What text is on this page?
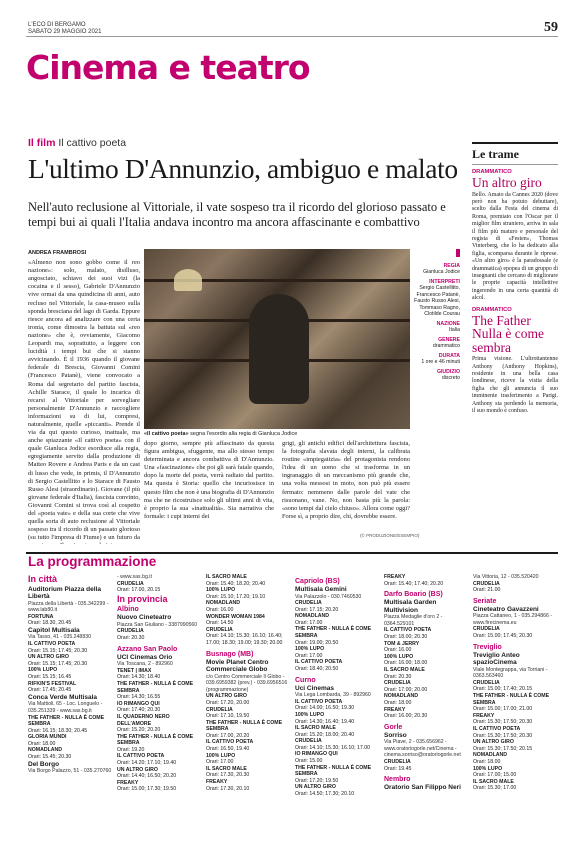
L'ECO DI BERGAMO
SABATO 29 MAGGIO 2021	59
Cinema e teatro
Il film Il cattivo poeta
L'ultimo D'Annunzio, ambiguo e malato
Nell'auto reclusione al Vittoriale, il vate sospeso tra il ricordo del glorioso passato e tempi bui ai quali l'Italia andava incontro ma ancora affascinante e combattivo
ANDREA FRAMBROSI
«Almeno non sono gobbo come il reo nazione»: solo, malato, disilluso, angosciato, schiavo dei suoi vizi (la cocaina e il sesso), Gabriele D'Annunzio vive ormai da una quindicina di anni, auto recluso nel Vittoriale, la casa-museo sulla sponda bresciana del lago di Garda. Eppure riesce ancora ad analizzare con una certa ironia, come dimostra la battuta sul «reo nazione» che è, ovviamente, Giacomo Leopardi ma, soprattutto, a leggere con lucidità i tempi bui che si stanno avvicinando. È il 1936 quando il giovane federale di Brescia, Giovanni Comini (Francesco Patanè), viene convocato a Roma dal segretario del partito fascista, Achille Starace, il quale lo incarica di recarsi al Vittoriale per sorvegliare personalmente D'Annunzio e raccogliere informazioni su di lui, compresi, naturalmente, quelle «piccanti». Prende il via da qui questo curioso, inattuale, ma anche spiazzante «Il cattivo poeta» con il quale Gianluca Jodice esordisce alla regia, egregiamente servito dalla produzione di Matteo Rovere e Andrea Paris e da un cast di lusso che vede, in primis, il D'Annunzio di Sergio Castellitto e lo Starace di Fausto Russo Alesi (straordinario). Giovane (il più giovane federale d'Italia), fascista convinto, Giovanni Comini si trova così al cospetto del «poeta vate» e della sua corte che vive quella sorta di auto reclusione al Vittoriale sospeso tra il ricordo di un passato glorioso (su tutto l'impresa di Fiume) e un futuro da
«Il cattivo poeta» segna l'esordio alla regia di Gianluca Jodice
REGIA
Gianluca Jodice
INTERPRETI
Sergio Castellitto, Francesco Patanè, Fausto Russo Alesi, Tommaso Ragno, Clotilde Courau
NAZIONE
Italia
GENERE
drammatico
DURATA
1 ore e 46 minuti
GIUDIZIO
discreto
dopo giorno, sempre più affascinato da questa figura ambigua, sfuggente, ma allo stesso tempo determinata e ancora combattiva di D'Annunzio. Una «fascinazione» che poi gli sarà fatale quando, dopo la morte del poeta, verrà radiato dal partito. Ma questa è Storia: quello che incuriosisce in questo film che non è una biografia di D'Annunzio ma che ne ricostruisce solo gli ultimi anni di vita, è proprio la sua «inattualità». Sia narrativa che formale: i cupi interni dei
grigi, gli antichi edifici dell'architettura fascista, la fotografia slavata degli interni, la calibrata routine «impiegatizia» del protagonista rendono l'idea di un uomo che si trasforma in un ingranaggio di un meccanismo più grande che, una volta messosi in moto, non può più essere fermato: nemmeno dalle parole del vate che risuonano, vane. No, non basta più la parola: «sono tempi dal cielo chiuso». Allora come oggi? Forse sì, a proprio dire, chi, dovrebbe essere.
(© PRODUZIONE/ESEMPIO)
Le trame
DRAMMATICO
Un altro giro
Bello. Amato da Cannes 2020 (dove però non ha potuto debuttare), scelto dalla Festa del cinema di Roma, premiato con l'Oscar per il miglior film straniero, arriva in sala il film più maturo e personale del regista di «Festen», Thomas Vinterberg, che lo ha dedicato alla figlia, scomparsa durante le riprese. «Un altro giro» è la paradossale (e drammatica) epopea di un gruppo di insegnanti che cercano di migliorare le proprie capacità intellettive ingerendo in una certa quantità di alcol.
DRAMMATICO
The Father Nulla è come sembra
Prima visione. L'ultrottantenne Anthony (Anthony Hopkins), residente in una bella casa londinese, riceve la visita della figlia che gli annuncia il suo imminente trasferimento a Parigi. Anthony sta perdendo la memoria, il suo mondo è confuso.
La programmazione
In città
Auditorium Piazza della Libertà
Piazza della Libertà - 035.342299 - www.lab80.it
FORTUNA
Orari: 18.30, 20.45
Capitol Multisala
Via Tasso, 41 - 035.248830
IL CATTIVO POETA
Orari: 15.15; 17.45; 20.30
UN ALTRO GIRO
Orari: 15.15; 17.45; 20.30
100% LUPO
Orari: 15.15; 16.45
RIFKIN'S FESTIVAL
Orari: 17.45; 20.45
Conca Verde Multisala
Via Mattioli, 65 - Loc. Longuelo - 035.251339 - www.sas.bg.it
THE FATHER - NULLA È COME SEMBRA
Orari: 16.15; 18.30; 20.45
GLORIA MUNDI
Orari: 18.00
NOMADLAND
Orari: 15.45; 20.30
Del Borgo
Via Borgo Palazzo, 51 - 035.270760
- www.sas.bg.it
CRUDELIA
Orari: 17.00, 20.15
In provincia
Albino
Nuovo Cineteatro
Piazza San Giuliano - 3387990560
CRUDELIA
Orari: 20.30
Azzano San Paolo
UCI Cinemas Orio
Via Toscana, 2 - 892960
TENET | IMAX
Orari: 14.30; 18.40
THE FATHER - NULLA È COME SEMBRA
Orari: 14.30; 16.55
IO RIMANGO QUI
Orari: 17.40; 20.30
IL QUADERNO NERO DELL'AMORE
Orari: 15.20; 20.20
THE FATHER - NULLA È COME SEMBRA
Orari: 19.20
IL CATTIVO POETA
Orari: 14.20; 17.10; 19.40
UN ALTRO GIRO
Orari: 14.40; 16.50; 20.20
FREAKY
Orari: 15.00; 17.30; 19.50
IL SACRO MALE
Orari: 15.40; 18.20; 20.40
100% LUPO
Orari: 15.10; 17.20; 19.10
NOMADLAND
Orari: 16.00
WONDER WOMAN 1984
Orari: 14.50
CRUDELIA
Orari: 14.10; 15.30; 16.10; 16.40; 17.00; 18.30; 19.00; 19.30; 20.00
Busnago (MB)
Movie Planet Centro Commerciale Globo
c/o Centro Commerciale Il Globo - 039.6959382 (prev.) - 039.6956516 (programmazione)
UN ALTRO GIRO
Orari: 17.20, 20.00
CRUDELIA
Orari: 17.10, 19.50
THE FATHER - NULLA È COME SEMBRA
Orari: 17.00, 20.20
IL CATTIVO POETA
Orari: 16.50, 19.40
100% LUPO
Orari: 17.00
IL SACRO MALE
Orari: 17.30, 20.30
FREAKY
Orari: 17.30, 20.10
Capriolo (BS)
Multisala Gemini
Via Palazzolo - 030.7460530
CRUDELIA
Orari: 17.15; 20.20
NOMADLAND
Orari: 17.00
THE FATHER - NULLA È COME SEMBRA
Orari: 19.00; 20.50
100% LUPO
Orari: 17.00
IL CATTIVO POETA
Orari: 18.40; 20.50
Curno
Uci Cinemas
Via Lega Lombarda, 39 - 892960
IL CATTIVO POETA
Orari: 14.00; 16.50; 19.30
100% LUPO
Orari: 14.30; 16.40; 19.40
IL SACRO MALE
Orari: 15.20; 18.00; 20.40
CRUDELIA
Orari: 14.10; 15.30; 16.10; 17.00
IO RIMANGO QUI
Orari: 15.00
THE FATHER - NULLA È COME SEMBRA
Orari: 17.20; 19.50
UN ALTRO GIRO
Orari: 14.50; 17.30; 20.10
FREAKY
Orari: 15.40; 17.40; 20.20
Darfo Boario (BS)
Multisala Garden Multivision
Piazza Medaglie d'oro 2 - 0364.529101
IL CATTIVO POETA
Orari: 18.00; 20.30
TOM & JERRY
Orari: 16.00
100% LUPO
Orari: 16.00; 18.00
IL SACRO MALE
Orari: 20.30
CRUDELIA
Orari: 17.00; 20.00
NOMADLAND
Orari: 18.00
FREAKY
Orari: 16.00; 20.30
Gorle
Sorriso
Via Piave, 2 - 035.656962 - www.oratoriogorle.net/Cinema - cinema.sorriso@oratoriogorle.net
CRUDELIA
Orari: 19.45
Nembro
Oratorio San Filippo Neri
Via Vittoria, 12 - 035.520420
CRUDELIA
Orari: 21.00
Seriate
Cineteatro Gavazzeni
Piazza Cattaneo, 1 - 035.294866 - www.firecinema.eu
CRUDELIA
Orari: 15.00; 17.45; 20.30
Treviglio
Treviglio Anteo spazioCinema
Viale Montegrappa, via Torriani - 0363.563460
CRUDELIA
Orari: 15.00; 17.40; 20.15
THE FATHER - NULLA È COME SEMBRA
Orari: 15.00; 17.00; 21.00
FREAKY
Orari: 15.30; 17.50; 20.30
IL CATTIVO POETA
Orari: 15.30; 17.50; 20.30
UN ALTRO GIRO
Orari: 15.30; 17.50; 20.15
NOMADLAND
Orari: 18.00
100% LUPO
Orari: 17.00; 15.00
IL SACRO MALE
Orari: 15.30; 17.00
